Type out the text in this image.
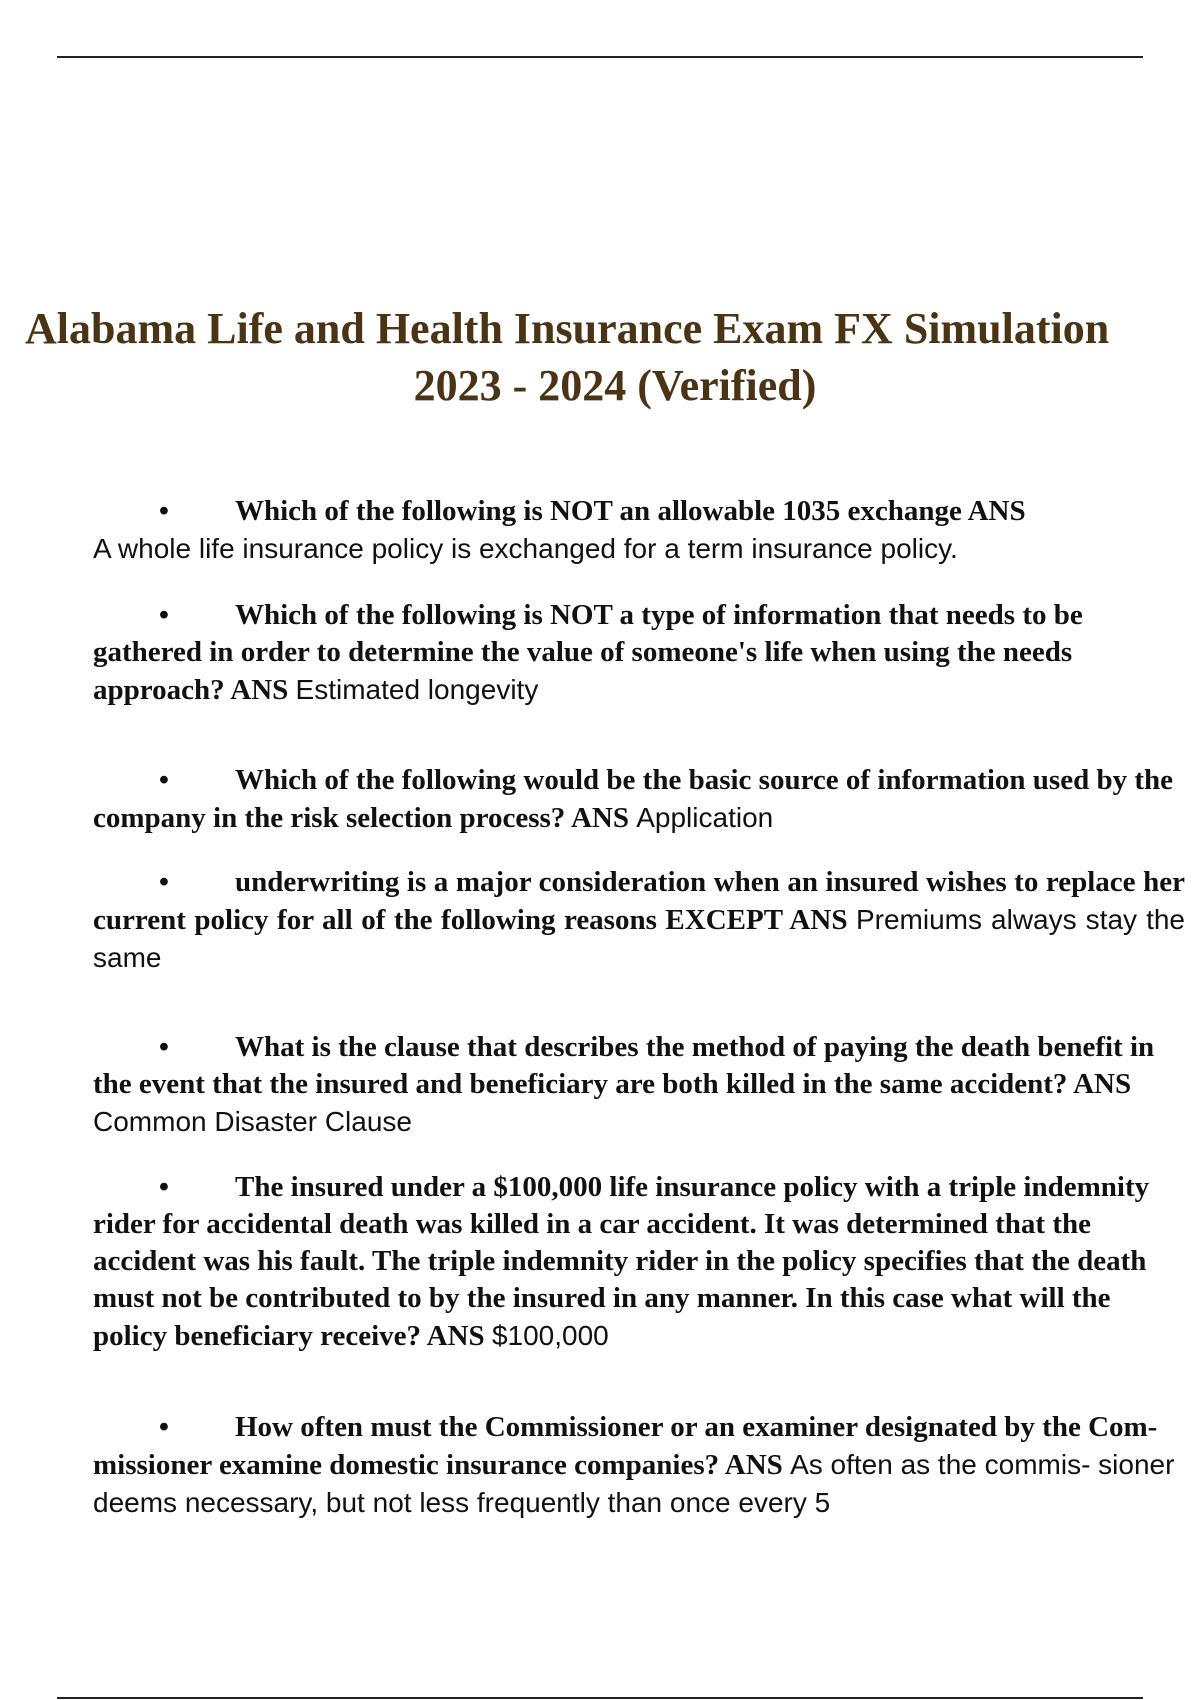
Alabama Life and Health Insurance Exam FX Simulation
2023 - 2024 (Verified)
• Which of the following is NOT an allowable 1035 exchange ANS
A whole life insurance policy is exchanged for a term insurance policy.
• Which of the following is NOT a type of information that needs to be gathered in order to determine the value of someone's life when using the needs approach? ANS Estimated longevity
• Which of the following would be the basic source of information used by the company in the risk selection process? ANS Application
• underwriting is a major consideration when an insured wishes to replace her current policy for all of the following reasons EXCEPT ANS Premiums always stay the same
• What is the clause that describes the method of paying the death benefit in the event that the insured and beneficiary are both killed in the same accident? ANS Common Disaster Clause
• The insured under a $100,000 life insurance policy with a triple indemnity rider for accidental death was killed in a car accident. It was determined that the accident was his fault. The triple indemnity rider in the policy specifies that the death must not be contributed to by the insured in any manner. In this case what will the policy beneficiary receive? ANS $100,000
• How often must the Commissioner or an examiner designated by the Com- missioner examine domestic insurance companies? ANS As often as the commis- sioner deems necessary, but not less frequently than once every 5
